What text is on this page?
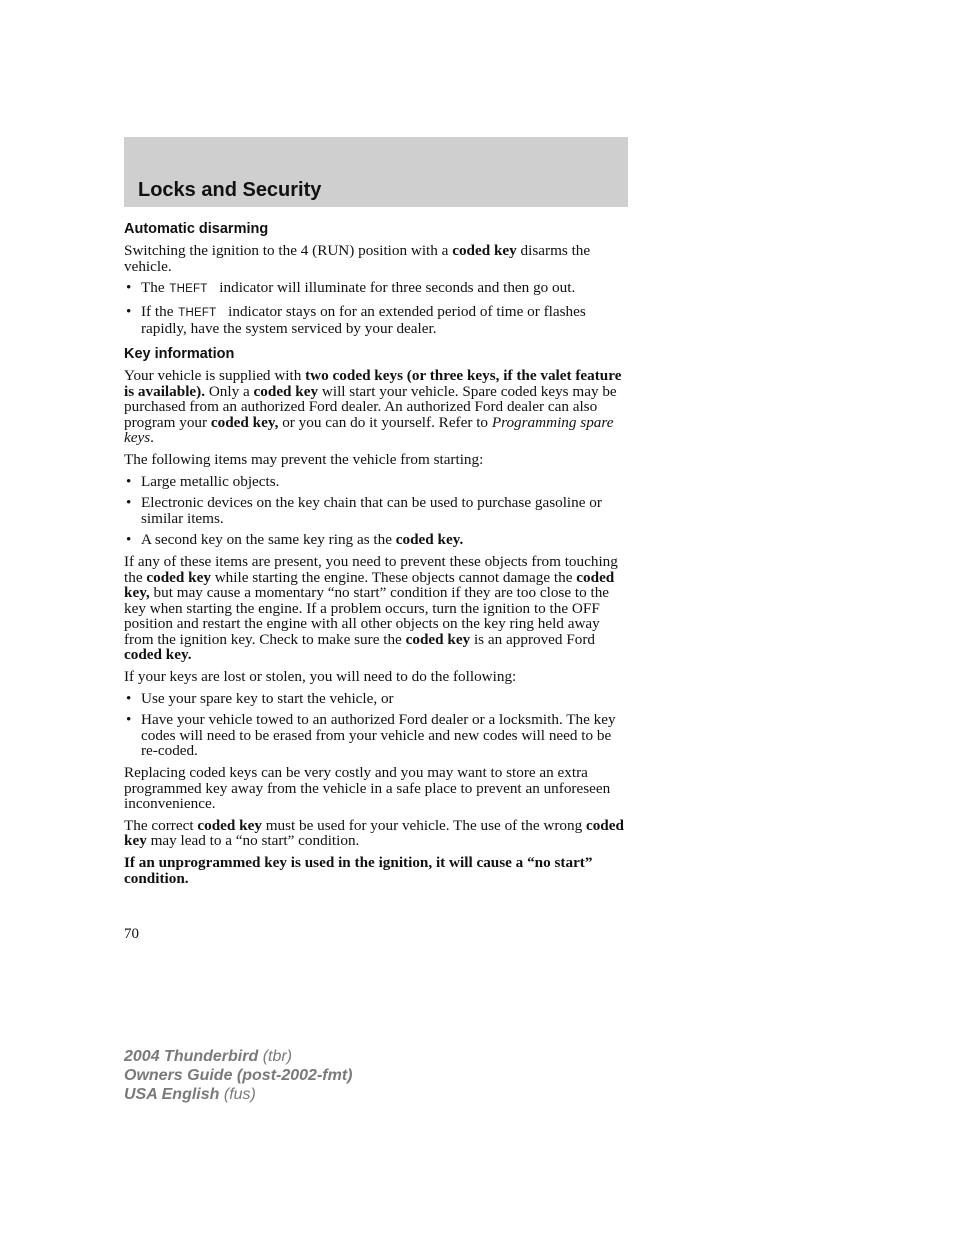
Locks and Security
Automatic disarming

Switching the ignition to the 4 (RUN) position with a coded key disarms the vehicle.

• The THEFT indicator will illuminate for three seconds and then go out.
• If the THEFT indicator stays on for an extended period of time or flashes rapidly, have the system serviced by your dealer.
Key information

Your vehicle is supplied with two coded keys (or three keys, if the valet feature is available). Only a coded key will start your vehicle. Spare coded keys may be purchased from an authorized Ford dealer. An authorized Ford dealer can also program your coded key, or you can do it yourself. Refer to Programming spare keys.

The following items may prevent the vehicle from starting:

• Large metallic objects.
• Electronic devices on the key chain that can be used to purchase gasoline or similar items.
• A second key on the same key ring as the coded key.

If any of these items are present, you need to prevent these objects from touching the coded key while starting the engine. These objects cannot damage the coded key, but may cause a momentary “no start” condition if they are too close to the key when starting the engine. If a problem occurs, turn the ignition to the OFF position and restart the engine with all other objects on the key ring held away from the ignition key. Check to make sure the coded key is an approved Ford coded key.

If your keys are lost or stolen, you will need to do the following:

• Use your spare key to start the vehicle, or
• Have your vehicle towed to an authorized Ford dealer or a locksmith. The key codes will need to be erased from your vehicle and new codes will need to be re-coded.

Replacing coded keys can be very costly and you may want to store an extra programmed key away from the vehicle in a safe place to prevent an unforeseen inconvenience.

The correct coded key must be used for your vehicle. The use of the wrong coded key may lead to a “no start” condition.

If an unprogrammed key is used in the ignition, it will cause a “no start” condition.

70
2004 Thunderbird (tbr)
Owners Guide (post-2002-fmt)
USA English (fus)
